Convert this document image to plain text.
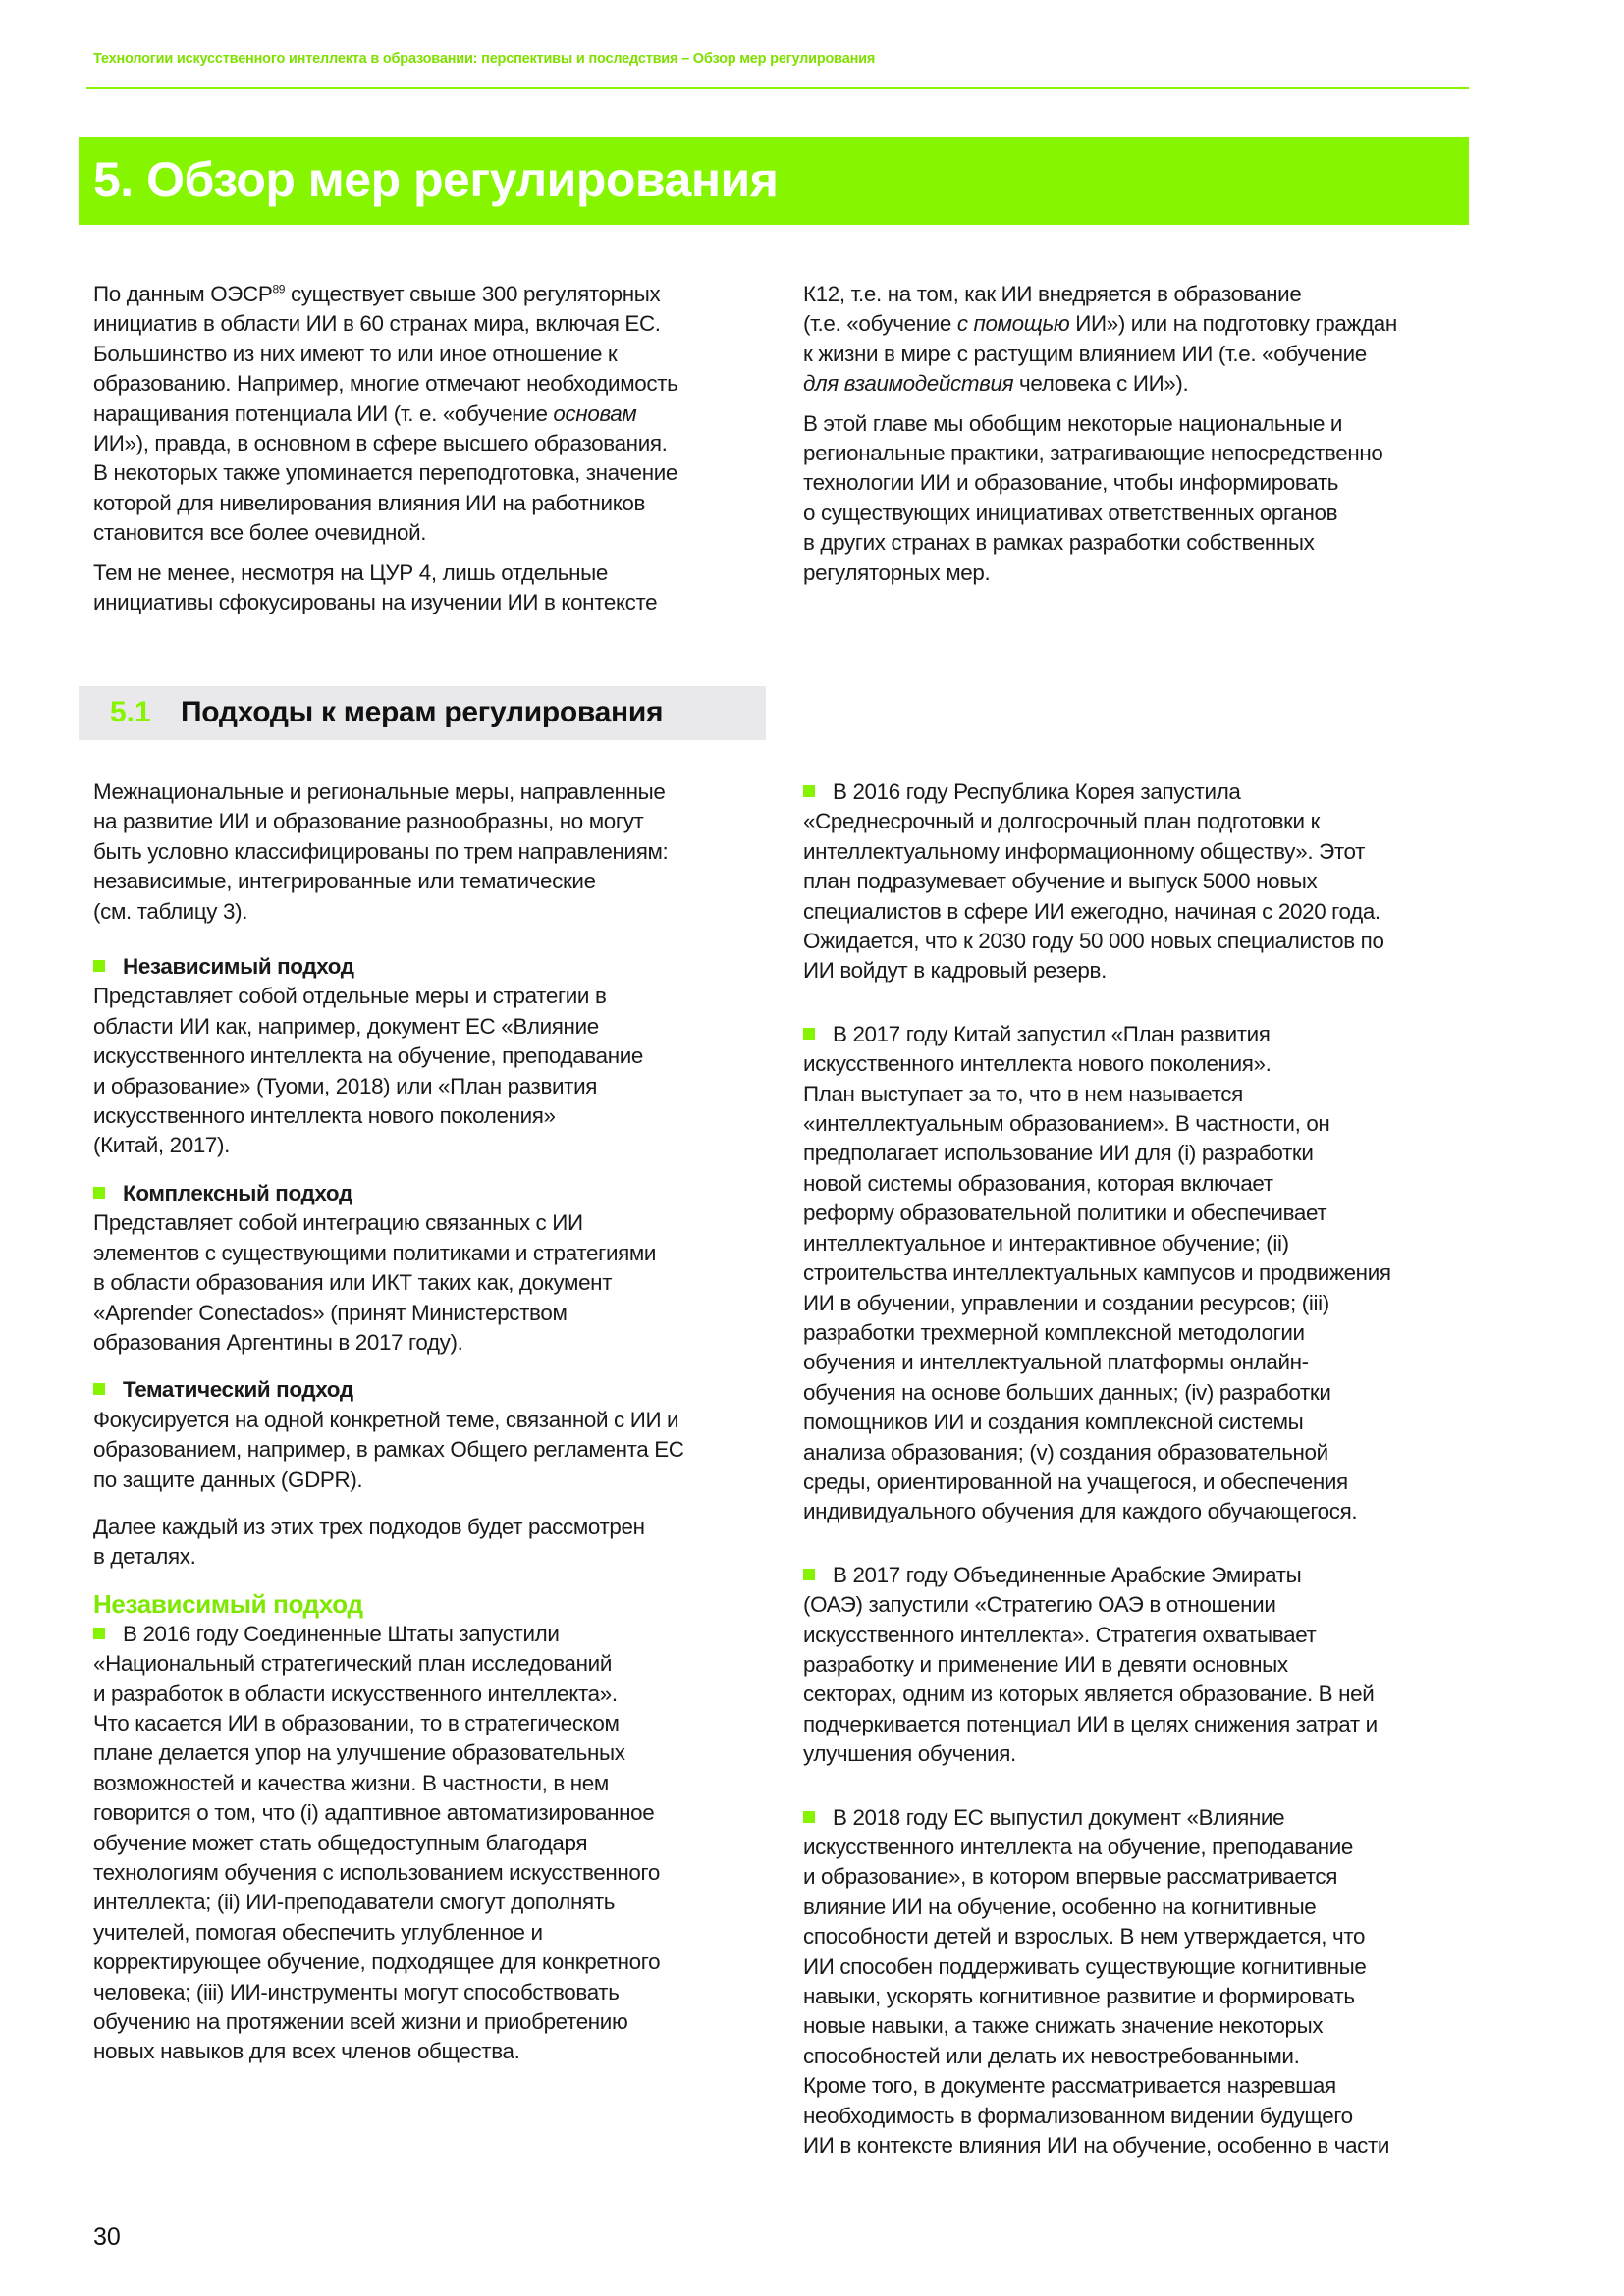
Технологии искусственного интеллекта в образовании: перспективы и последствия – Обзор мер регулирования
5. Обзор мер регулирования

По данным ОЭСР$^{89}$ существует свыше 300 регуляторных
инициатив в области ИИ в 60 странах мира, включая ЕС.
Большинство из них имеют то или иное отношение к
образованию. Например, многие отмечают необходимость
наращивания потенциала ИИ (т. е. «обучение основам
ИИ»), правда, в основном в сфере высшего образования.
В некоторых также упоминается переподготовка, значение
которой для нивелирования влияния ИИ на работников
становится все более очевидной.

Тем не менее, несмотря на ЦУР 4, лишь отдельные
инициативы сфокусированы на изучении ИИ в контексте

К12, т.е. на том, как ИИ внедряется в образование
(т.е. «обучение с помощью ИИ») или на подготовку граждан
к жизни в мире с растущим влиянием ИИ (т.е. «обучение
для взаимодействия человека с ИИ»).

В этой главе мы обобщим некоторые национальные и
региональные практики, затрагивающие непосредственно
технологии ИИ и образование, чтобы информировать
о существующих инициативах ответственных органов
в других странах в рамках разработки собственных
регуляторных мер.

5.1 Подходы к мерам регулирования

Межнациональные и региональные меры, направленные
на развитие ИИ и образование разнообразны, но могут
быть условно классифицированы по трем направлениям:
независимые, интегрированные или тематические
(см. таблицу 3).

Независимый подход
Представляет собой отдельные меры и стратегии в
области ИИ как, например, документ ЕС «Влияние
искусственного интеллекта на обучение, преподавание
и образование» (Туоми, 2018) или «План развития
искусственного интеллекта нового поколения»
(Китай, 2017).

Комплексный подход
Представляет собой интеграцию связанных с ИИ
элементов с существующими политиками и стратегиями
в области образования или ИКТ таких как, документ
«Aprender Conectados» (принят Министерством
образования Аргентины в 2017 году).

Тематический подход
Фокусируется на одной конкретной теме, связанной с ИИ и
образованием, например, в рамках Общего регламента ЕС
по защите данных (GDPR).

Далее каждый из этих трех подходов будет рассмотрен
в деталях.

Независимый подход

В 2016 году Соединенные Штаты запустили
«Национальный стратегический план исследований
и разработок в области искусственного интеллекта».
Что касается ИИ в образовании, то в стратегическом
плане делается упор на улучшение образовательных
возможностей и качества жизни. В частности, в нем
говорится о том, что (i) адаптивное автоматизированное
обучение может стать общедоступным благодаря
технологиям обучения с использованием искусственного
интеллекта; (ii) ИИ-преподаватели смогут дополнять
учителей, помогая обеспечить углубленное и
корректирующее обучение, подходящее для конкретного
человека; (iii) ИИ-инструменты могут способствовать
обучению на протяжении всей жизни и приобретению
новых навыков для всех членов общества.

В 2016 году Республика Корея запустила
«Среднесрочный и долгосрочный план подготовки к
интеллектуальному информационному обществу». Этот
план подразумевает обучение и выпуск 5000 новых
специалистов в сфере ИИ ежегодно, начиная с 2020 года.
Ожидается, что к 2030 году 50 000 новых специалистов по
ИИ войдут в кадровый резерв.

В 2017 году Китай запустил «План развития
искусственного интеллекта нового поколения».
План выступает за то, что в нем называется
«интеллектуальным образованием». В частности, он
предполагает использование ИИ для (i) разработки
новой системы образования, которая включает
реформу образовательной политики и обеспечивает
интеллектуальное и интерактивное обучение; (ii)
строительства интеллектуальных кампусов и продвижения
ИИ в обучении, управлении и создании ресурсов; (iii)
разработки трехмерной комплексной методологии
обучения и интеллектуальной платформы онлайн-
обучения на основе больших данных; (iv) разработки
помощников ИИ и создания комплексной системы
анализа образования; (v) создания образовательной
среды, ориентированной на учащегося, и обеспечения
индивидуального обучения для каждого обучающегося.

В 2017 году Объединенные Арабские Эмираты
(ОАЭ) запустили «Стратегию ОАЭ в отношении
искусственного интеллекта». Стратегия охватывает
разработку и применение ИИ в девяти основных
секторах, одним из которых является образование. В ней
подчеркивается потенциал ИИ в целях снижения затрат и
улучшения обучения.

В 2018 году ЕС выпустил документ «Влияние
искусственного интеллекта на обучение, преподавание
и образование», в котором впервые рассматривается
влияние ИИ на обучение, особенно на когнитивные
способности детей и взрослых. В нем утверждается, что
ИИ способен поддерживать существующие когнитивные
навыки, ускорять когнитивное развитие и формировать
новые навыки, а также снижать значение некоторых
способностей или делать их невостребованными.
Кроме того, в документе рассматривается назревшая
необходимость в формализованном видении будущего
ИИ в контексте влияния ИИ на обучение, особенно в части

30
